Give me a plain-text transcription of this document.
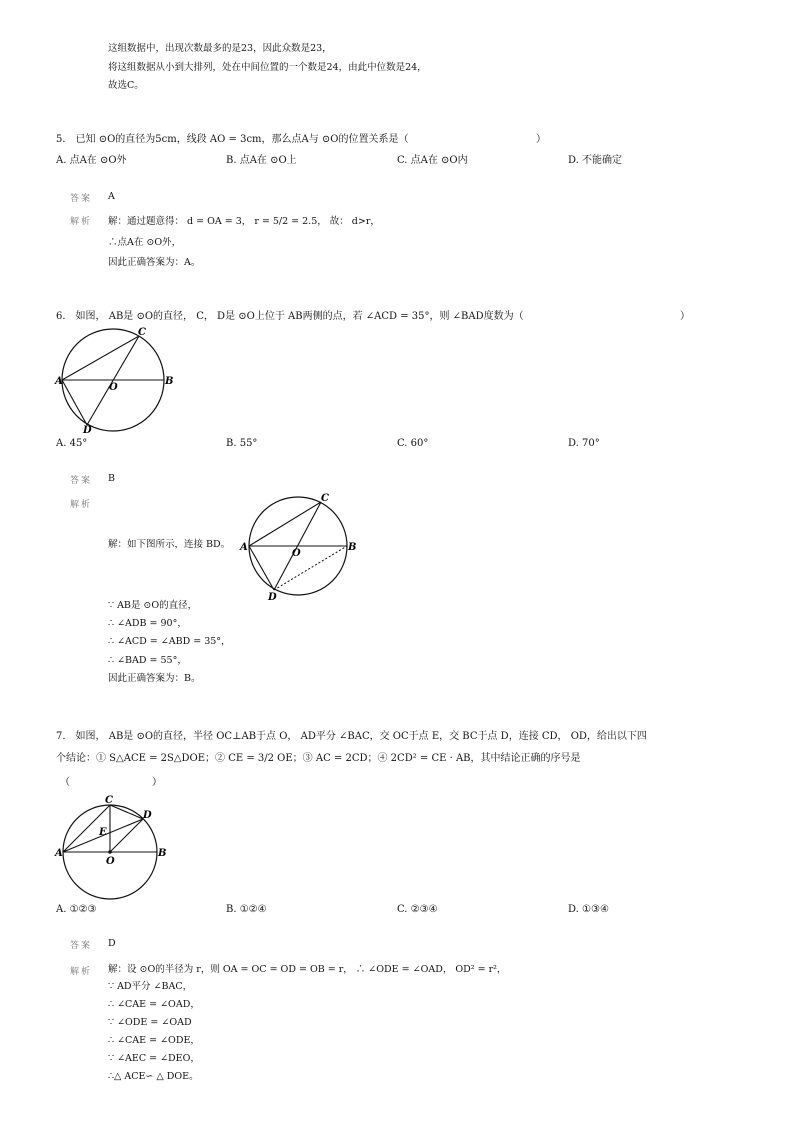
这组数据中，出现次数最多的是23，因此众数是23，
将这组数据从小到大排列，处在中间位置的一个数是24，由此中位数是24，
故选C。
5． 已知 ⊙O的直径为5cm，线段 AO = 3cm，那么点A与 ⊙O的位置关系是（	）
A. 点A在 ⊙O外	B. 点A在 ⊙O上	C. 点A在 ⊙O内	D. 不能确定
答案 A
解析 解：通过题意得： d = OA = 3， r = 5/2 = 2.5， 故： d>r，
∴点A在 ⊙O外，
因此正确答案为：A。
6． 如图， AB是 ⊙O的直径， C， D是 ⊙O上位于 AB两侧的点，若 ∠ACD = 35°，则 ∠BAD度数为（	）
A	B
C
D
O
A. 45°	B. 55°	C. 60°	D. 70°
答案 B
解析
解：如下图所示，连接 BD。 A	B
C
D
O
∵ AB是 ⊙O的直径，
∴ ∠ADB = 90°，
∴ ∠ACD = ∠ABD = 35°，
∴ ∠BAD = 55°，
因此正确答案为：B。
7． 如图， AB是 ⊙O的直径，半径 OC⊥AB于点 O， AD平分 ∠BAC，交 OC于点 E，交 BC于点 D，连接 CD， OD，给出以下四
个结论：① S△ACE = 2S△DOE；② CE = 3/2 OE；③ AC = 2CD；④ 2CD² = CE · AB，其中结论正确的序号是
（	）
A	B
C
D
E
O
A. ①②③	B. ①②④	C. ②③④	D. ①③④
答案 D
解析 解：设 ⊙O的半径为 r，则 OA = OC = OD = OB = r， ∴ ∠ODE = ∠OAD， OD² = r²，
∵ AD平分 ∠BAC，
∴ ∠CAE = ∠OAD，
∵ ∠ODE = ∠OAD
∴ ∠CAE = ∠ODE，
∵ ∠AEC = ∠DEO，
∴△ ACE∽ △ DOE。
